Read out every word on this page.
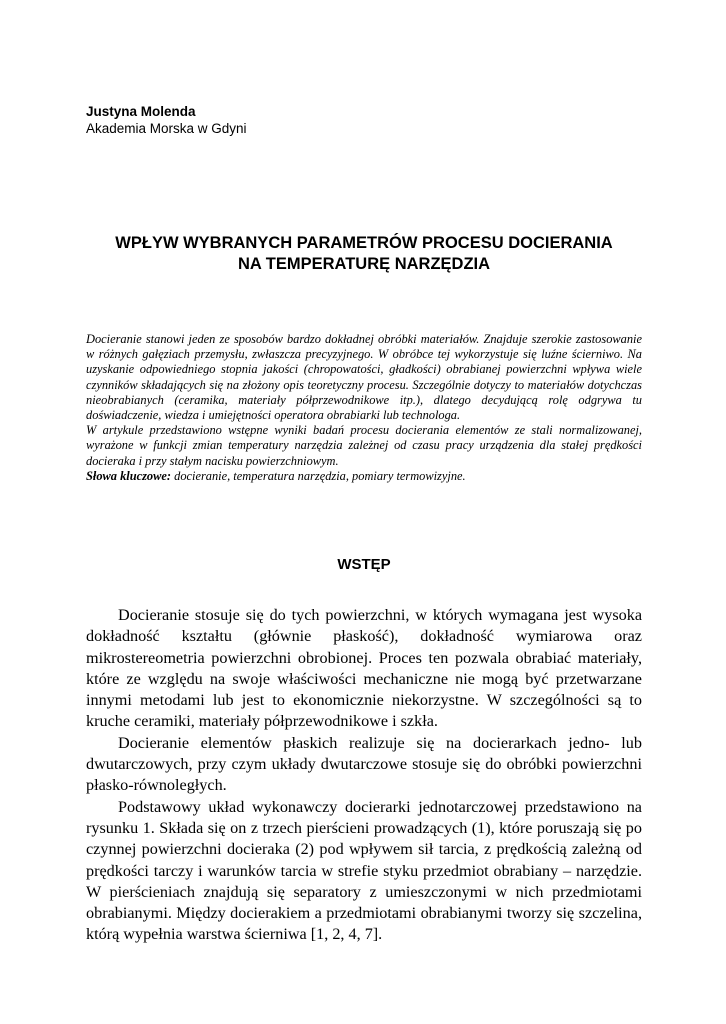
Justyna Molenda
Akademia Morska w Gdyni
WPŁYW WYBRANYCH PARAMETRÓW PROCESU DOCIERANIA
NA TEMPERATURĘ NARZĘDZIA

Docieranie stanowi jeden ze sposobów bardzo dokładnej obróbki materiałów. Znajduje szerokie zastosowanie w różnych gałęziach przemysłu, zwłaszcza precyzyjnego. W obróbce tej wykorzystuje się luźne ścierniwo. Na uzyskanie odpowiedniego stopnia jakości (chropowatości, gładkości) obrabianej powierzchni wpływa wiele czynników składających się na złożony opis teoretyczny procesu. Szczególnie dotyczy to materiałów dotychczas nieobrabianych (ceramika, materiały półprzewodnikowe itp.), dlatego decydującą rolę odgrywa tu doświadczenie, wiedza i umiejętności operatora obrabiarki lub technologa.

W artykule przedstawiono wstępne wyniki badań procesu docierania elementów ze stali normalizowanej, wyrażone w funkcji zmian temperatury narzędzia zależnej od czasu pracy urządzenia dla stałej prędkości docieraka i przy stałym nacisku powierzchniowym.

Słowa kluczowe: docieranie, temperatura narzędzia, pomiary termowizyjne.

WSTĘP

Docieranie stosuje się do tych powierzchni, w których wymagana jest wysoka dokładność kształtu (głównie płaskość), dokładność wymiarowa oraz mikrostereometria powierzchni obrobionej. Proces ten pozwala obrabiać materiały, które ze względu na swoje właściwości mechaniczne nie mogą być przetwarzane innymi metodami lub jest to ekonomicznie niekorzystne. W szczególności są to kruche ceramiki, materiały półprzewodnikowe i szkła.

Docieranie elementów płaskich realizuje się na docierarkach jedno- lub dwutarczowych, przy czym układy dwutarczowe stosuje się do obróbki powierzchni płasko-równoległych.

Podstawowy układ wykonawczy docierarki jednotarczowej przedstawiono na rysunku 1. Składa się on z trzech pierścieni prowadzących (1), które poruszają się po czynnej powierzchni docieraka (2) pod wpływem sił tarcia, z prędkością zależną od prędkości tarczy i warunków tarcia w strefie styku przedmiot obrabiany – narzędzie. W pierścieniach znajdują się separatory z umieszczonymi w nich przedmiotami obrabianymi. Między docierakiem a przedmiotami obrabianymi tworzy się szczelina, którą wypełnia warstwa ścierniwa [1, 2, 4, 7].
